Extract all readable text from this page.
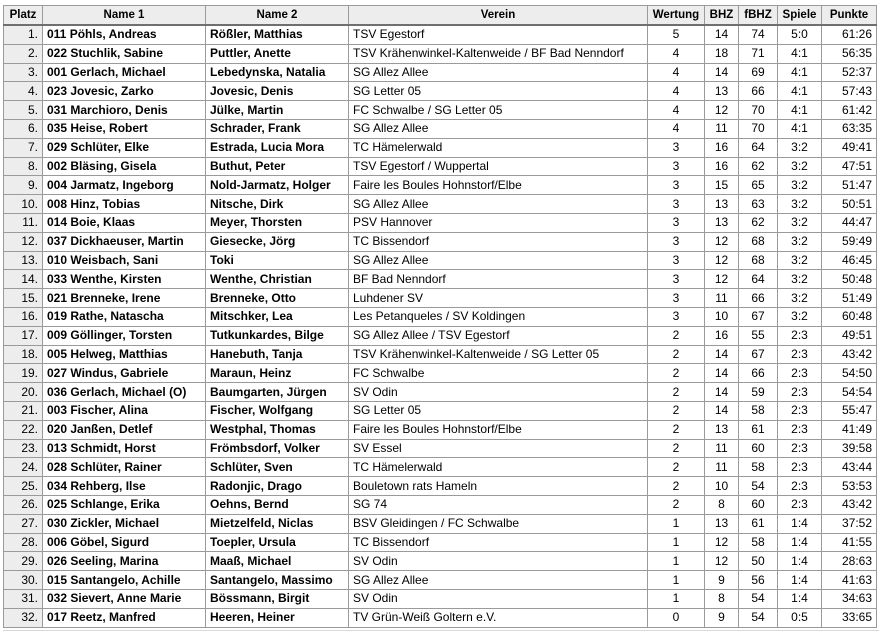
Platz	Name 1	Name 2	Verein	Wertung	BHZ	fBHZ	Spiele	Punkte
1.	011 Pöhls, Andreas	Rößler, Matthias	TSV Egestorf	5	14	74	5:0	61:26
2.	022 Stuchlik, Sabine	Puttler, Anette	TSV Krähenwinkel-Kaltenweide / BF Bad Nenndorf	4	18	71	4:1	56:35
3.	001 Gerlach, Michael	Lebedynska, Natalia	SG Allez Allee	4	14	69	4:1	52:37
4.	023 Jovesic, Zarko	Jovesic, Denis	SG Letter 05	4	13	66	4:1	57:43
5.	031 Marchioro, Denis	Jülke, Martin	FC Schwalbe / SG Letter 05	4	12	70	4:1	61:42
6.	035 Heise, Robert	Schrader, Frank	SG Allez Allee	4	11	70	4:1	63:35
7.	029 Schlüter, Elke	Estrada, Lucia Mora	TC Hämelerwald	3	16	64	3:2	49:41
8.	002 Bläsing, Gisela	Buthut, Peter	TSV Egestorf / Wuppertal	3	16	62	3:2	47:51
9.	004 Jarmatz, Ingeborg	Nold-Jarmatz, Holger	Faire les Boules Hohnstorf/Elbe	3	15	65	3:2	51:47
10.	008 Hinz, Tobias	Nitsche, Dirk	SG Allez Allee	3	13	63	3:2	50:51
11.	014 Boie, Klaas	Meyer, Thorsten	PSV Hannover	3	13	62	3:2	44:47
12.	037 Dickhaeuser, Martin	Giesecke, Jörg	TC Bissendorf	3	12	68	3:2	59:49
13.	010 Weisbach, Sani	Toki	SG Allez Allee	3	12	68	3:2	46:45
14.	033 Wenthe, Kirsten	Wenthe, Christian	BF Bad Nenndorf	3	12	64	3:2	50:48
15.	021 Brenneke, Irene	Brenneke, Otto	Luhdener SV	3	11	66	3:2	51:49
16.	019 Rathe, Natascha	Mitschker, Lea	Les Petanqueles / SV Koldingen	3	10	67	3:2	60:48
17.	009 Göllinger, Torsten	Tutkunkardes, Bilge	SG Allez Allee / TSV Egestorf	2	16	55	2:3	49:51
18.	005 Helweg, Matthias	Hanebuth, Tanja	TSV Krähenwinkel-Kaltenweide / SG Letter 05	2	14	67	2:3	43:42
19.	027 Windus, Gabriele	Maraun, Heinz	FC Schwalbe	2	14	66	2:3	54:50
20.	036 Gerlach, Michael (O)	Baumgarten, Jürgen	SV Odin	2	14	59	2:3	54:54
21.	003 Fischer, Alina	Fischer, Wolfgang	SG Letter 05	2	14	58	2:3	55:47
22.	020 Janßen, Detlef	Westphal, Thomas	Faire les Boules Hohnstorf/Elbe	2	13	61	2:3	41:49
23.	013 Schmidt, Horst	Frömbsdorf, Volker	SV Essel	2	11	60	2:3	39:58
24.	028 Schlüter, Rainer	Schlüter, Sven	TC Hämelerwald	2	11	58	2:3	43:44
25.	034 Rehberg, Ilse	Radonjic, Drago	Bouletown rats Hameln	2	10	54	2:3	53:53
26.	025 Schlange, Erika	Oehns, Bernd	SG 74	2	8	60	2:3	43:42
27.	030 Zickler, Michael	Mietzelfeld, Niclas	BSV Gleidingen / FC Schwalbe	1	13	61	1:4	37:52
28.	006 Göbel, Sigurd	Toepler, Ursula	TC Bissendorf	1	12	58	1:4	41:55
29.	026 Seeling, Marina	Maaß, Michael	SV Odin	1	12	50	1:4	28:63
30.	015 Santangelo, Achille	Santangelo, Massimo	SG Allez Allee	1	9	56	1:4	41:63
31.	032 Sievert, Anne Marie	Bössmann, Birgit	SV Odin	1	8	54	1:4	34:63
32.	017 Reetz, Manfred	Heeren, Heiner	TV Grün-Weiß Goltern e.V.	0	9	54	0:5	33:65
